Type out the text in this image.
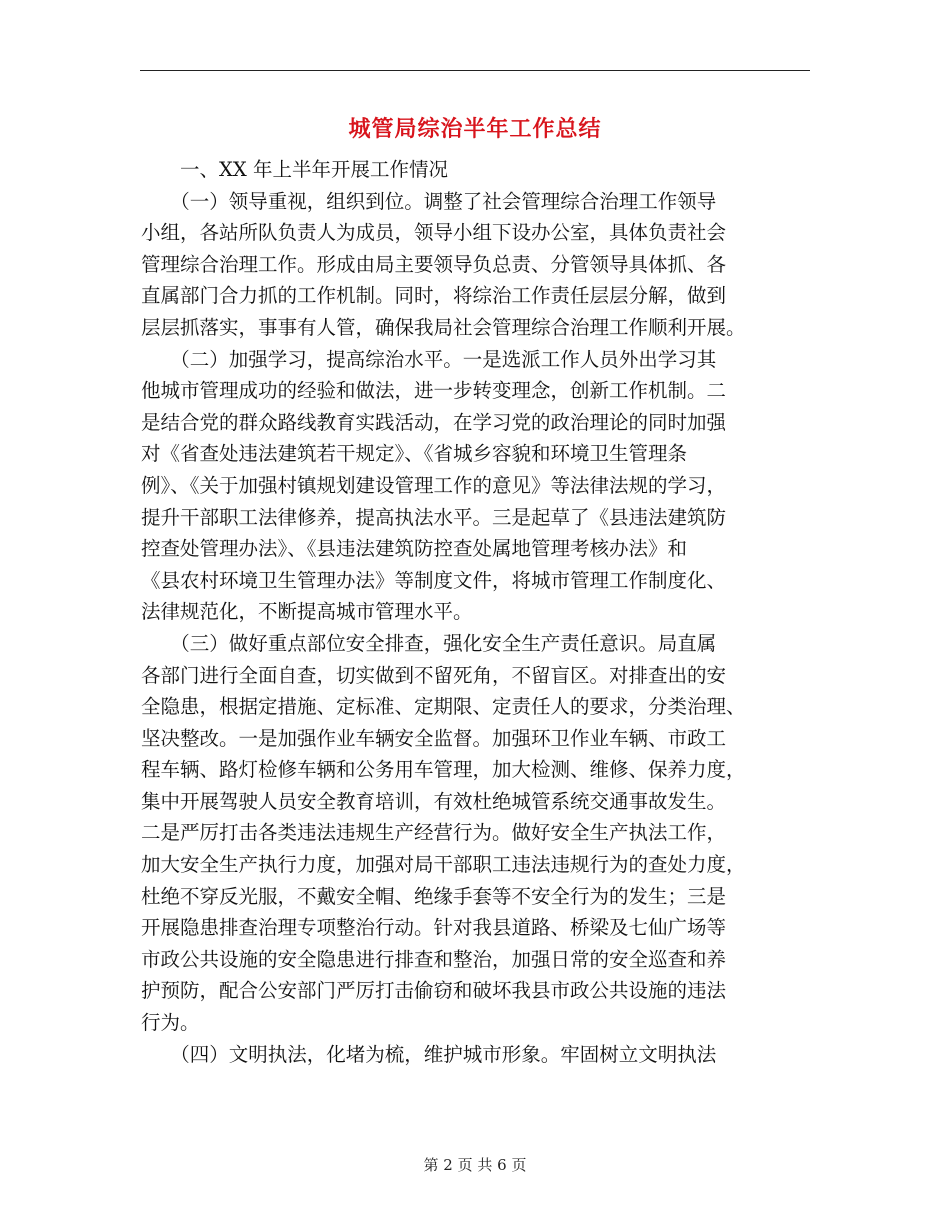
城管局综治半年工作总结
　　一、XX 年上半年开展工作情况
　　（一）领导重视，组织到位。调整了社会管理综合治理工作领导
小组，各站所队负责人为成员，领导小组下设办公室，具体负责社会
管理综合治理工作。形成由局主要领导负总责、分管领导具体抓、各
直属部门合力抓的工作机制。同时，将综治工作责任层层分解，做到
层层抓落实，事事有人管，确保我局社会管理综合治理工作顺利开展。
　　（二）加强学习，提高综治水平。一是选派工作人员外出学习其
他城市管理成功的经验和做法，进一步转变理念，创新工作机制。二
是结合党的群众路线教育实践活动，在学习党的政治理论的同时加强
对《省查处违法建筑若干规定》、《省城乡容貌和环境卫生管理条
例》、《关于加强村镇规划建设管理工作的意见》等法律法规的学习，
提升干部职工法律修养，提高执法水平。三是起草了《县违法建筑防
控查处管理办法》、《县违法建筑防控查处属地管理考核办法》和
《县农村环境卫生管理办法》等制度文件，将城市管理工作制度化、
法律规范化，不断提高城市管理水平。
　　（三）做好重点部位安全排查，强化安全生产责任意识。局直属
各部门进行全面自查，切实做到不留死角，不留盲区。对排查出的安
全隐患，根据定措施、定标准、定期限、定责任人的要求，分类治理、
坚决整改。一是加强作业车辆安全监督。加强环卫作业车辆、市政工
程车辆、路灯检修车辆和公务用车管理，加大检测、维修、保养力度，
集中开展驾驶人员安全教育培训，有效杜绝城管系统交通事故发生。
二是严厉打击各类违法违规生产经营行为。做好安全生产执法工作，
加大安全生产执行力度，加强对局干部职工违法违规行为的查处力度，
杜绝不穿反光服，不戴安全帽、绝缘手套等不安全行为的发生；三是
开展隐患排查治理专项整治行动。针对我县道路、桥梁及七仙广场等
市政公共设施的安全隐患进行排查和整治，加强日常的安全巡查和养
护预防，配合公安部门严厉打击偷窃和破坏我县市政公共设施的违法
行为。
　　（四）文明执法，化堵为梳，维护城市形象。牢固树立文明执法
第 2 页 共 6 页
